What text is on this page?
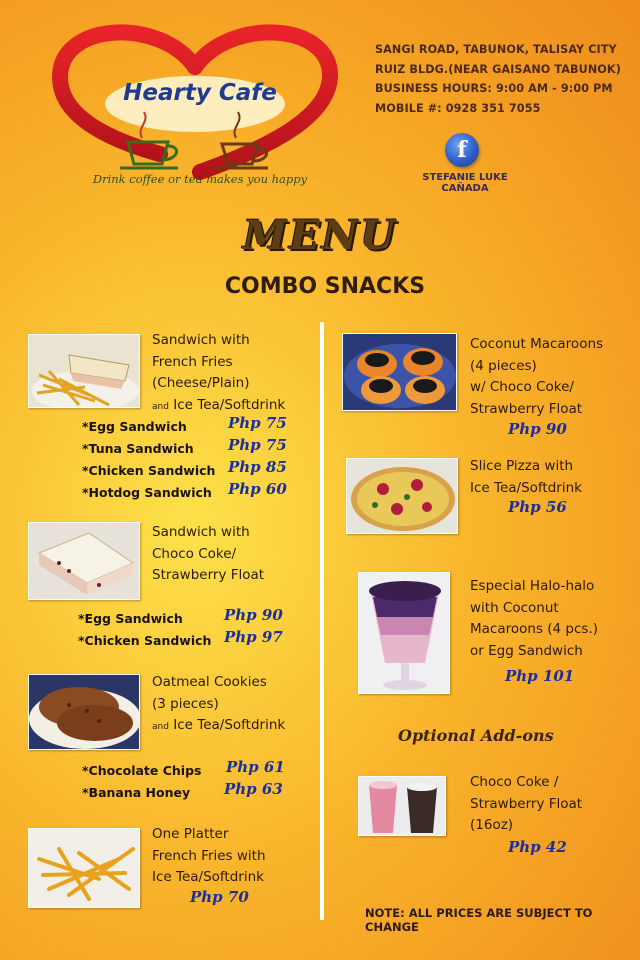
Hearty Cafe
Drink coffee or tea makes you happy
SANGI ROAD, TABUNOK, TALISAY CITY
RUIZ BLDG.(NEAR GAISANO TABUNOK)
BUSINESS HOURS: 9:00 AM - 9:00 PM
MOBILE #: 0928 351 7055
f
STEFANIE LUKE CAÑADA
MENU
COMBO SNACKS
Sandwich with
French Fries
(Cheese/Plain)
and Ice Tea/Softdrink
*Egg Sandwich	Php 75
*Tuna Sandwich Php 75
*Chicken Sandwich Php 85
*Hotdog Sandwich Php 60
Sandwich with
Choco Coke/
Strawberry Float
*Egg Sandwich	Php 90
*Chicken Sandwich Php 97
Oatmeal Cookies
(3 pieces)
and Ice Tea/Softdrink
*Chocolate Chips Php 61
*Banana Honey Php 63
One Platter
French Fries with
Ice Tea/Softdrink
Php 70
Coconut Macaroons
(4 pieces)
w/ Choco Coke/
Strawberry Float
Php 90
Slice Pizza with
Ice Tea/Softdrink
Php 56
Especial Halo-halo
with Coconut
Macaroons (4 pcs.)
or Egg Sandwich
Php 101
Optional Add-ons
Choco Coke /
Strawberry Float
(16oz)
Php 42
NOTE: ALL PRICES ARE SUBJECT TO CHANGE
